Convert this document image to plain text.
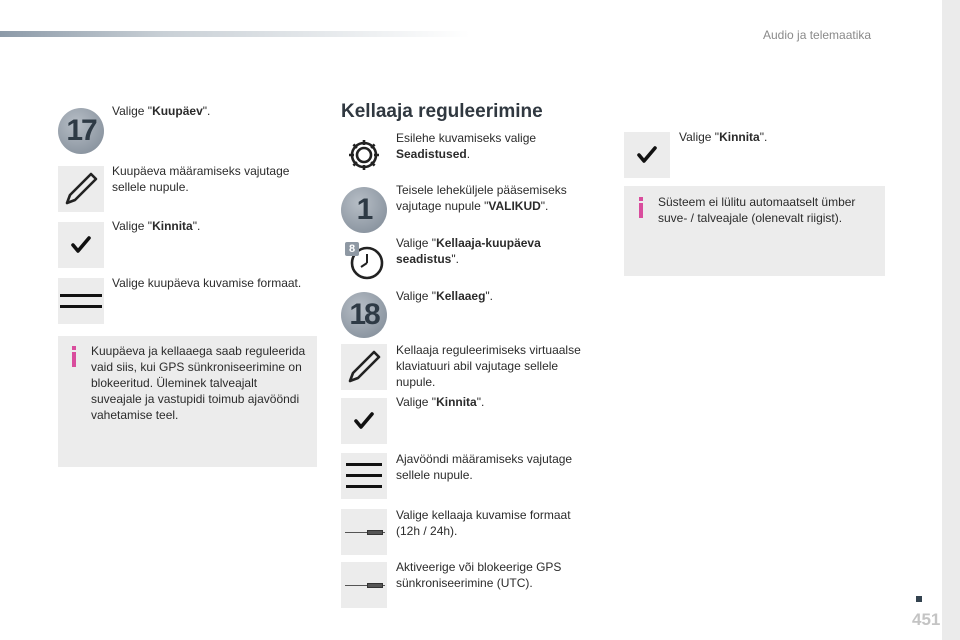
Audio ja telemaatika
451
17
Valige "Kuupäev".
Kuupäeva määramiseks vajutage sellele nupule.
Valige "Kinnita".
Valige kuupäeva kuvamise formaat.
Kuupäeva ja kellaaega saab reguleerida vaid siis, kui GPS sünkroniseerimine on blokeeritud. Üleminek talveajalt suveajale ja vastupidi toimub ajavööndi vahetamise teel.
Kellaaja reguleerimine
Esilehe kuvamiseks valige
Seadistused.
1
Teisele leheküljele pääsemiseks vajutage nupule "VALIKUD".
8	Valige "Kellaaja-kuupäeva seadistus".
18
Valige "Kellaaeg".
Kellaaja reguleerimiseks virtuaalse klaviatuuri abil vajutage sellele nupule.
Valige "Kinnita".
Ajavööndi määramiseks vajutage sellele nupule.
Valige kellaaja kuvamise formaat (12h / 24h).
Aktiveerige või blokeerige GPS sünkroniseerimine (UTC).
Valige "Kinnita".
Süsteem ei lülitu automaatselt ümber suve- / talveajale (olenevalt riigist).
